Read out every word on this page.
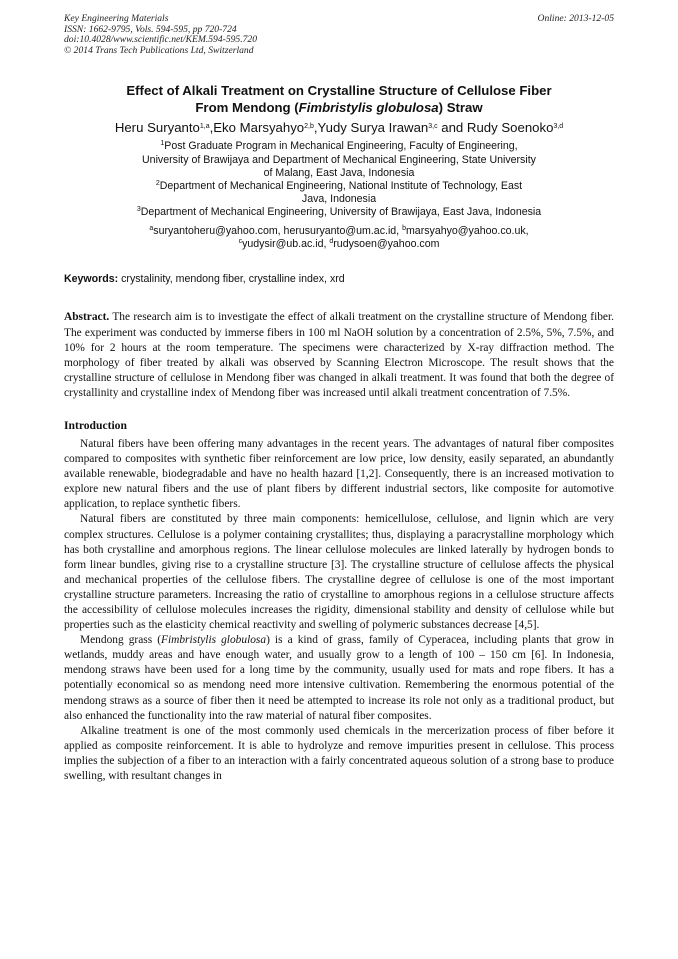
Key Engineering Materials
ISSN: 1662-9795, Vols. 594-595, pp 720-724
doi:10.4028/www.scientific.net/KEM.594-595.720
© 2014 Trans Tech Publications Ltd, Switzerland
Online: 2013-12-05
Effect of Alkali Treatment on Crystalline Structure of Cellulose Fiber
From Mendong (Fimbristylis globulosa) Straw
Heru Suryanto$^{1,a}$,Eko Marsyahyo$^{2,b}$,Yudy Surya Irawan$^{3,c}$ and Rudy Soenoko$^{3,d}$
$^1$Post Graduate Program in Mechanical Engineering, Faculty of Engineering,
University of Brawijaya and Department of Mechanical Engineering, State University
of Malang, East Java, Indonesia
$^2$Department of Mechanical Engineering, National Institute of Technology, East
Java, Indonesia
$^3$Department of Mechanical Engineering, University of Brawijaya, East Java, Indonesia
$^a$suryantoheru@yahoo.com, herusuryanto@um.ac.id, $^b$marsyahyo@yahoo.co.uk,
$^c$yudysir@ub.ac.id, $^d$rudysoen@yahoo.com
Keywords: crystalinity, mendong fiber, crystalline index, xrd
Abstract. The research aim is to investigate the effect of alkali treatment on the crystalline structure of Mendong fiber. The experiment was conducted by immerse fibers in 100 ml NaOH solution by a concentration of 2.5%, 5%, 7.5%, and 10% for 2 hours at the room temperature. The specimens were characterized by X-ray diffraction method. The morphology of fiber treated by alkali was observed by Scanning Electron Microscope. The result shows that the crystalline structure of cellulose in Mendong fiber was changed in alkali treatment. It was found that both the degree of crystallinity and crystalline index of Mendong fiber was increased until alkali treatment concentration of 7.5%.
Introduction

Natural fibers have been offering many advantages in the recent years. The advantages of natural fiber composites compared to composites with synthetic fiber reinforcement are low price, low density, easily separated, an abundantly available renewable, biodegradable and have no health hazard [1,2]. Consequently, there is an increased motivation to explore new natural fibers and the use of plant fibers by different industrial sectors, like composite for automotive application, to replace synthetic fibers.

Natural fibers are constituted by three main components: hemicellulose, cellulose, and lignin which are very complex structures. Cellulose is a polymer containing crystallites; thus, displaying a paracrystalline morphology which has both crystalline and amorphous regions. The linear cellulose molecules are linked laterally by hydrogen bonds to form linear bundles, giving rise to a crystalline structure [3]. The crystalline structure of cellulose affects the physical and mechanical properties of the cellulose fibers. The crystalline degree of cellulose is one of the most important crystalline structure parameters. Increasing the ratio of crystalline to amorphous regions in a cellulose structure affects the accessibility of cellulose molecules increases the rigidity, dimensional stability and density of cellulose while but properties such as the elasticity chemical reactivity and swelling of polymeric substances decrease [4,5].

Mendong grass (Fimbristylis globulosa) is a kind of grass, family of Cyperacea, including plants that grow in wetlands, muddy areas and have enough water, and usually grow to a length of 100 – 150 cm [6]. In Indonesia, mendong straws have been used for a long time by the community, usually used for mats and rope fibers. It has a potentially economical so as mendong need more intensive cultivation. Remembering the enormous potential of the mendong straws as a source of fiber then it need be attempted to increase its role not only as a traditional product, but also enhanced the functionality into the raw material of natural fiber composites.

Alkaline treatment is one of the most commonly used chemicals in the mercerization process of fiber before it applied as composite reinforcement. It is able to hydrolyze and remove impurities present in cellulose. This process implies the subjection of a fiber to an interaction with a fairly concentrated aqueous solution of a strong base to produce swelling, with resultant changes in
